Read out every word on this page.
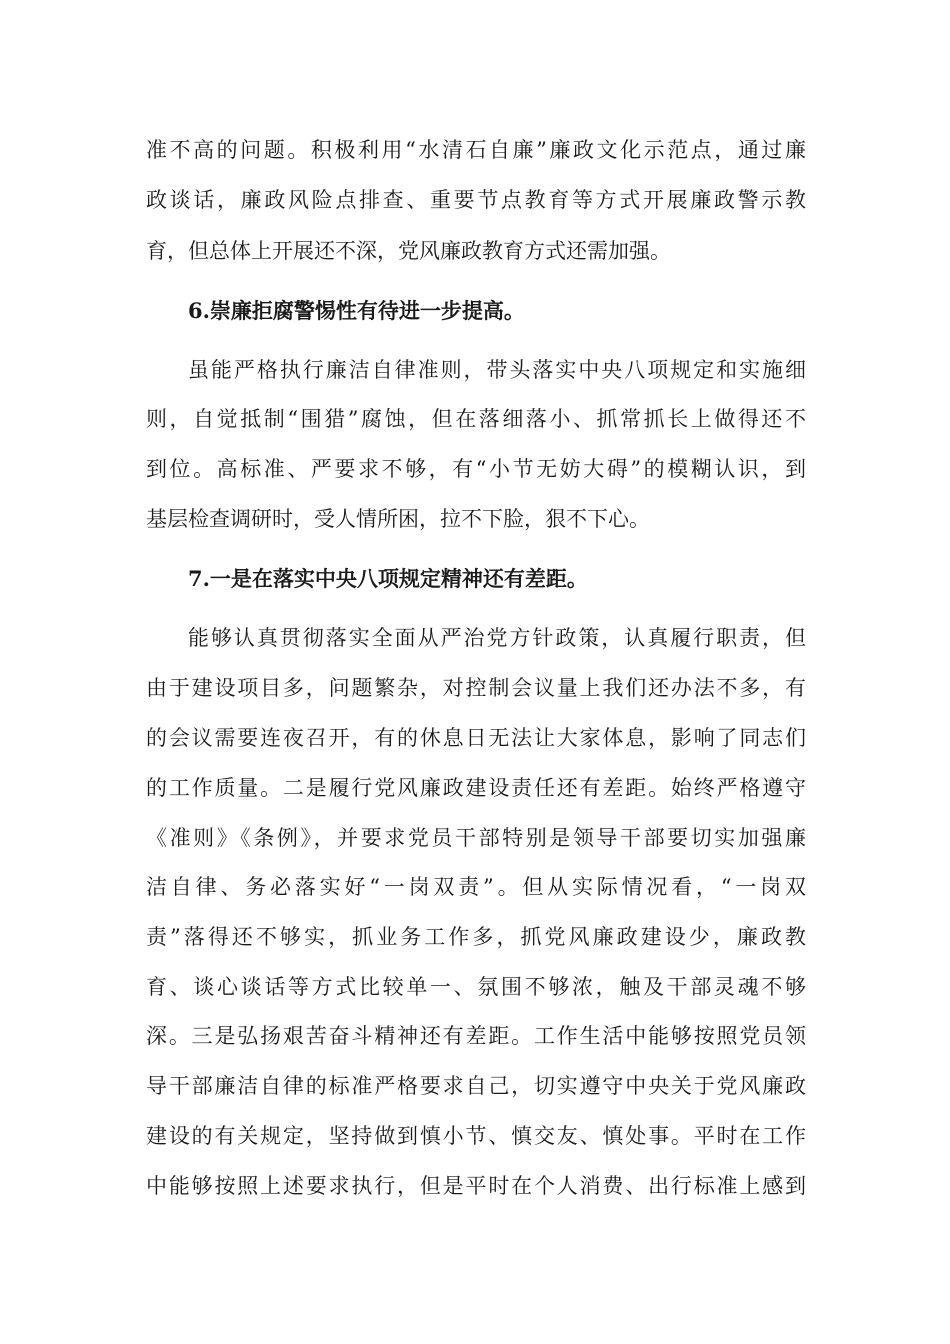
准不高的问题。积极利用“水清石自廉”廉政文化示范点，通过廉
政谈话，廉政风险点排查、重要节点教育等方式开展廉政警示教
育，但总体上开展还不深，党风廉政教育方式还需加强。
6.崇廉拒腐警惕性有待进一步提高。
虽能严格执行廉洁自律准则，带头落实中央八项规定和实施细
则，自觉抵制“围猎”腐蚀，但在落细落小、抓常抓长上做得还不
到位。高标准、严要求不够，有“小节无妨大碍”的模糊认识，到
基层检查调研时，受人情所困，拉不下脸，狠不下心。
7.一是在落实中央八项规定精神还有差距。
能够认真贯彻落实全面从严治党方针政策，认真履行职责，但
由于建设项目多，问题繁杂，对控制会议量上我们还办法不多，有
的会议需要连夜召开，有的休息日无法让大家体息，影响了同志们
的工作质量。二是履行党风廉政建设责任还有差距。始终严格遵守
《准则》《条例》，并要求党员干部特别是领导干部要切实加强廉
洁自律、务必落实好“一岗双责”。但从实际情况看，“一岗双
责”落得还不够实，抓业务工作多，抓党风廉政建设少，廉政教
育、谈心谈话等方式比较单一、氛围不够浓，触及干部灵魂不够
深。三是弘扬艰苦奋斗精神还有差距。工作生活中能够按照党员领
导干部廉洁自律的标准严格要求自己，切实遵守中央关于党风廉政
建设的有关规定，坚持做到慎小节、慎交友、慎处事。平时在工作
中能够按照上述要求执行，但是平时在个人消费、出行标准上感到
